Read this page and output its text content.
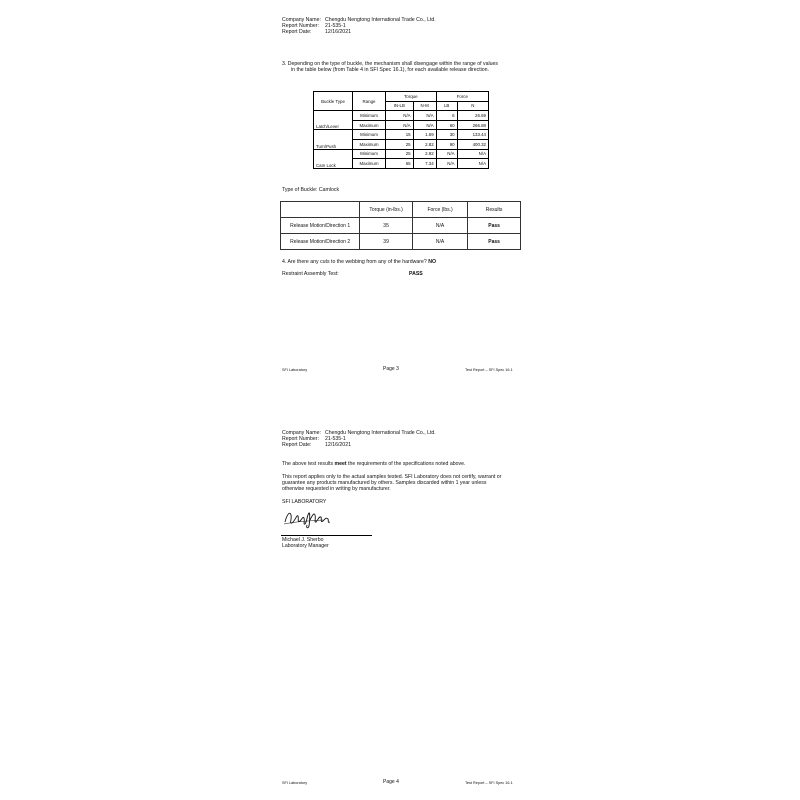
Company Name: Chengdu Nengtong International Trade Co., Ltd.
Report Number: 21-535-1
Report Date:	12/16/2021
3. Depending on the type of buckle, the mechanism shall disengage within the range of values
in the table below (from Table 4 in SFI Spec 16.1), for each available release direction.
Buckle Type	Range	Torque		Force	
		IN-LB	N-M	LB	N
Latch/Lever	Minimum	N/A	N/A	6	26.69
	Maximum	N/A	N/A	60	266.88
Turn/Push	Minimum	15	1.69	30	133.44
	Maximum	25	2.82	90	400.32
Cam Lock	Minimum	25	2.82	N/A	N/A
	Maximum	65	7.34	N/A	N/A
Type of Buckle: Camlock
	Torque (in-lbs.)	Force (lbs.)	Results
Release Motion/Direction 1	35	N/A	Pass
Release Motion/Direction 2	39	N/A	Pass
4. Are there any cuts to the webbing from any of the hardware? NO
Restraint Assembly Test:	PASS
SFI Laboratory	Page 3	Test Report – SFI Spec 16.1
Company Name: Chengdu Nengtong International Trade Co., Ltd.
Report Number: 21-535-1
Report Date:	12/16/2021
The above test results meet the requirements of the specifications noted above.
This report applies only to the actual samples tested. SFI Laboratory does not certify, warrant or
guarantee any products manufactured by others. Samples discarded within 1 year unless
otherwise requested in writing by manufacturer.
SFI LABORATORY
Michael J. Sherbo
Laboratory Manager
SFI Laboratory	Page 4	Test Report – SFI Spec 16.1
